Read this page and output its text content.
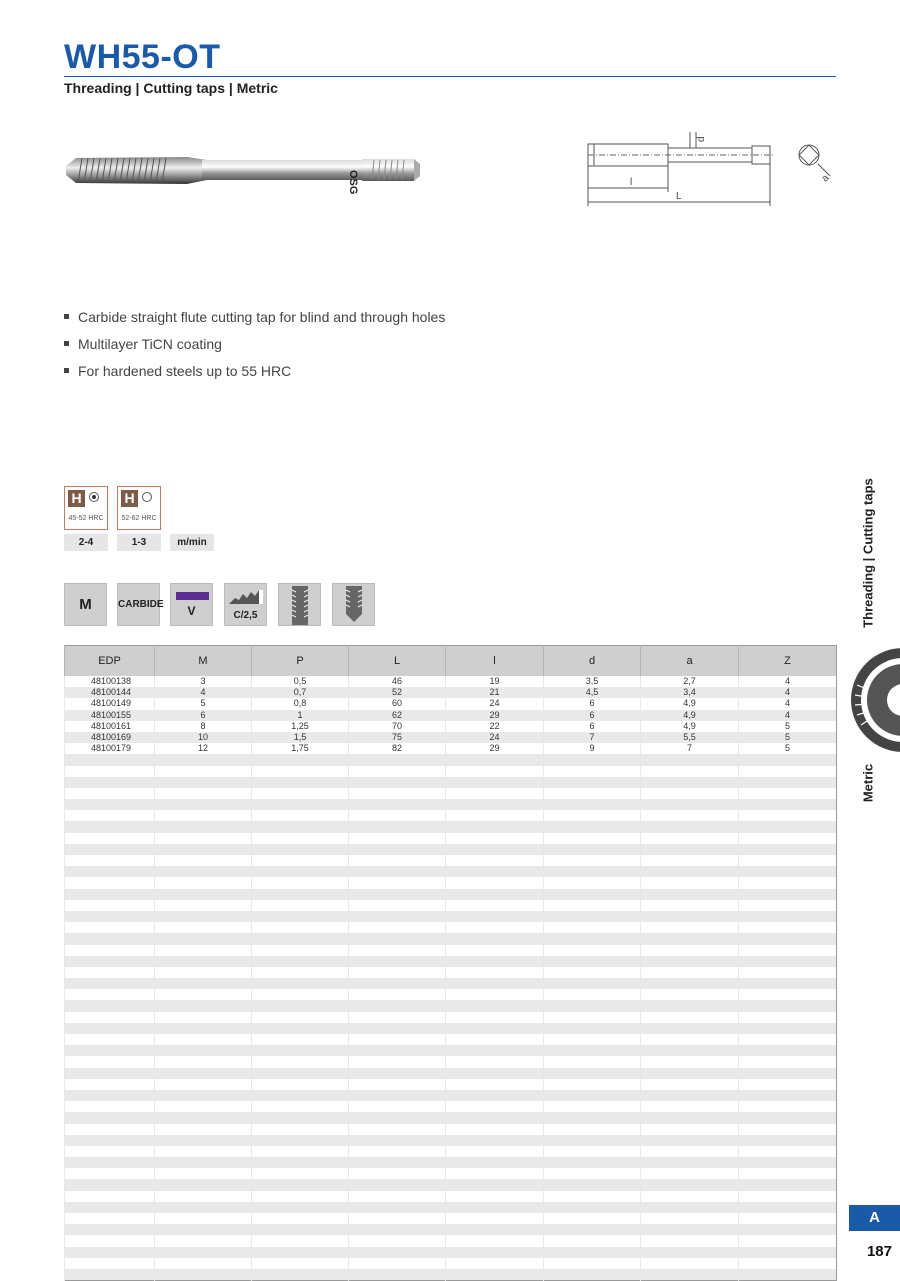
WH55-OT
Threading | Cutting taps | Metric
OSG
d
l
L
a
Carbide straight flute cutting tap for blind and through holes
Multilayer TiCN coating
For hardened steels up to 55 HRC
H
45-52 HRC
H
52-62 HRC
2-4	1-3	m/min
M	CARBIDE	V	C/2,5	Threading | Cutting taps
Metric
EDP	M	P	L	l	d	a	Z
48100138	3	0,5	46	19	3,5	2,7	4
48100144	4	0,7	52	21	4,5	3,4	4
48100149	5	0,8	60	24	6	4,9	4
48100155	6	1	62	29	6	4,9	4
48100161	8	1,25	70	22	6	4,9	5
48100169	10	1,5	75	24	7	5,5	5
48100179	12	1,75	82	29	9	7	5

A
187
